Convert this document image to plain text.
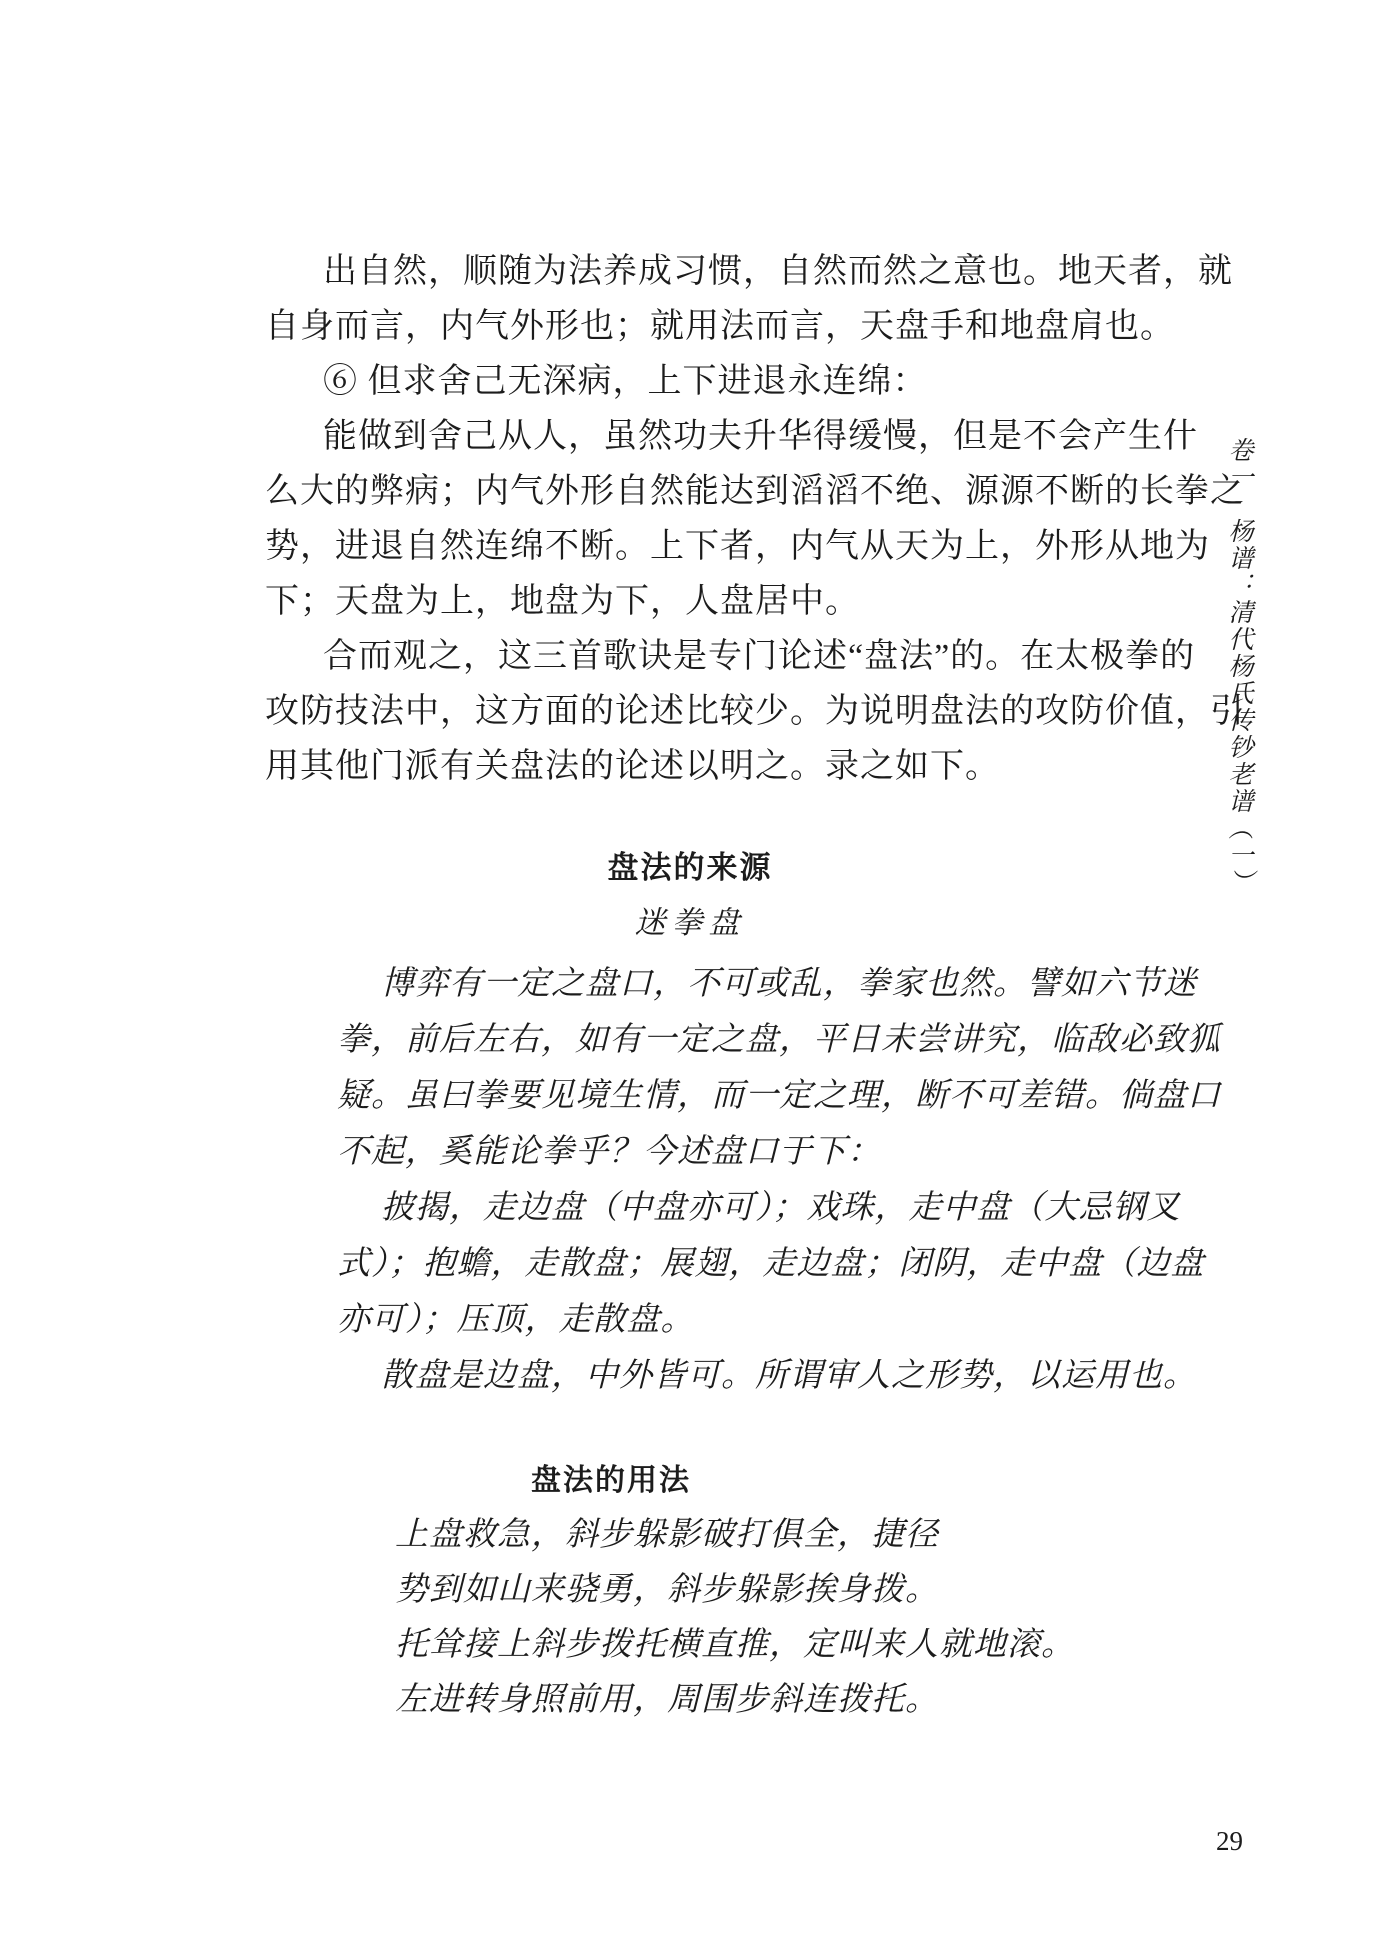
出自然，顺随为法养成习惯，自然而然之意也。地天者，就
自身而言，内气外形也；就用法而言，天盘手和地盘肩也。
⑥ 但求舍己无深病，上下进退永连绵：
能做到舍己从人，虽然功夫升华得缓慢，但是不会产生什
么大的弊病；内气外形自然能达到滔滔不绝、源源不断的长拳之
势，进退自然连绵不断。上下者，内气从天为上，外形从地为
下；天盘为上，地盘为下，人盘居中。
合而观之，这三首歌诀是专门论述“盘法”的。在太极拳的
攻防技法中，这方面的论述比较少。为说明盘法的攻防价值，引
用其他门派有关盘法的论述以明之。录之如下。
盘法的来源
迷拳盘
博弈有一定之盘口，不可或乱，拳家也然。譬如六节迷
拳，前后左右，如有一定之盘，平日未尝讲究，临敌必致狐
疑。虽曰拳要见境生情，而一定之理，断不可差错。倘盘口
不起，奚能论拳乎？今述盘口于下：
披揭，走边盘（中盘亦可）；戏珠，走中盘（大忌钢叉
式）；抱蟾，走散盘；展翅，走边盘；闭阴，走中盘（边盘
亦可）；压顶，走散盘。
散盘是边盘，中外皆可。所谓审人之形势，以运用也。
盘法的用法
上盘救急，斜步躲影破打俱全，捷径
势到如山来骁勇，斜步躲影挨身拨。
托耸接上斜步拨托横直推，定叫来人就地滚。
左进转身照前用，周围步斜连拨托。
卷一　杨谱：清代杨氏传钞老谱（一）
29
